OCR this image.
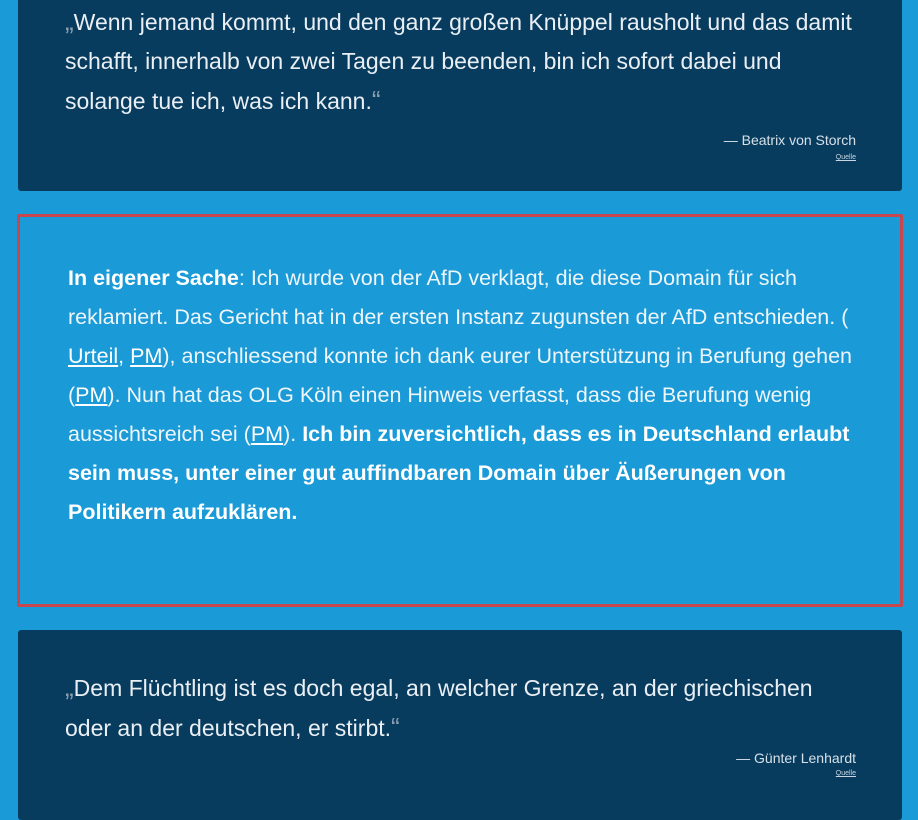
„Wenn jemand kommt, und den ganz großen Knüppel rausholt und das damit schafft, innerhalb von zwei Tagen zu beenden, bin ich sofort dabei und solange tue ich, was ich kann.“
— Beatrix von Storch
Quelle
In eigener Sache: Ich wurde von der AfD verklagt, die diese Domain für sich reklamiert. Das Gericht hat in der ersten Instanz zugunsten der AfD entschieden. ( Urteil, PM), anschliessend konnte ich dank eurer Unterstützung in Berufung gehen (PM). Nun hat das OLG Köln einen Hinweis verfasst, dass die Berufung wenig aussichtsreich sei (PM). Ich bin zuversichtlich, dass es in Deutschland erlaubt sein muss, unter einer gut auffindbaren Domain über Äußerungen von Politikern aufzuklären.
„Dem Flüchtling ist es doch egal, an welcher Grenze, an der griechischen oder an der deutschen, er stirbt.“
— Günter Lenhardt
Quelle
